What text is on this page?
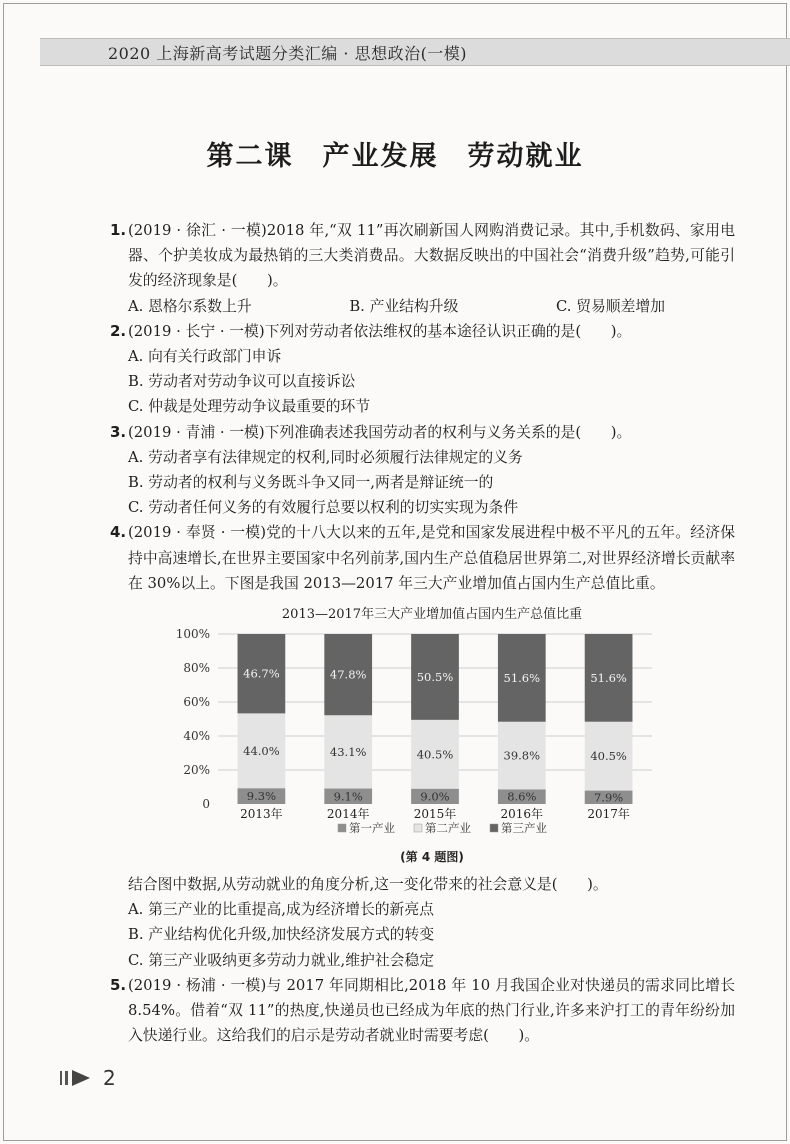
2020 上海新高考试题分类汇编 · 思想政治(一模)
第二课　产业发展　劳动就业
1. (2019 · 徐汇 · 一模)2018 年,“双 11”再次刷新国人网购消费记录。其中,手机数码、家用电器、个护美妆成为最热销的三大类消费品。大数据反映出的中国社会“消费升级”趋势,可能引发的经济现象是(　　)。
A. 恩格尔系数上升	B. 产业结构升级	C. 贸易顺差增加
2. (2019 · 长宁 · 一模)下列对劳动者依法维权的基本途径认识正确的是(　　)。
A. 向有关行政部门申诉
B. 劳动者对劳动争议可以直接诉讼
C. 仲裁是处理劳动争议最重要的环节
3. (2019 · 青浦 · 一模)下列准确表述我国劳动者的权利与义务关系的是(　　)。
A. 劳动者享有法律规定的权利,同时必须履行法律规定的义务
B. 劳动者的权利与义务既斗争又同一,两者是辩证统一的
C. 劳动者任何义务的有效履行总要以权利的切实实现为条件
4. (2019 · 奉贤 · 一模)党的十八大以来的五年,是党和国家发展进程中极不平凡的五年。经济保持中高速增长,在世界主要国家中名列前茅,国内生产总值稳居世界第二,对世界经济增长贡献率在 30%以上。下图是我国 2013—2017 年三大产业增加值占国内生产总值比重。
2013—2017年三大产业增加值占国内生产总值比重
0
20%
40%
60%
80%
100%
9.3%
44.0%
46.7%
9.1%
43.1%
47.8%
9.0%
40.5%
50.5%
8.6%
39.8%
51.6%
7.9%
40.5%
51.6%
2013年	2014年	2015年	2016年	2017年
第一产业	第二产业	第三产业
(第 4 题图)
结合图中数据,从劳动就业的角度分析,这一变化带来的社会意义是(　　)。
A. 第三产业的比重提高,成为经济增长的新亮点
B. 产业结构优化升级,加快经济发展方式的转变
C. 第三产业吸纳更多劳动力就业,维护社会稳定
5. (2019 · 杨浦 · 一模)与 2017 年同期相比,2018 年 10 月我国企业对快递员的需求同比增长 8.54%。借着“双 11”的热度,快递员也已经成为年底的热门行业,许多来沪打工的青年纷纷加入快递行业。这给我们的启示是劳动者就业时需要考虑(　　)。
2
